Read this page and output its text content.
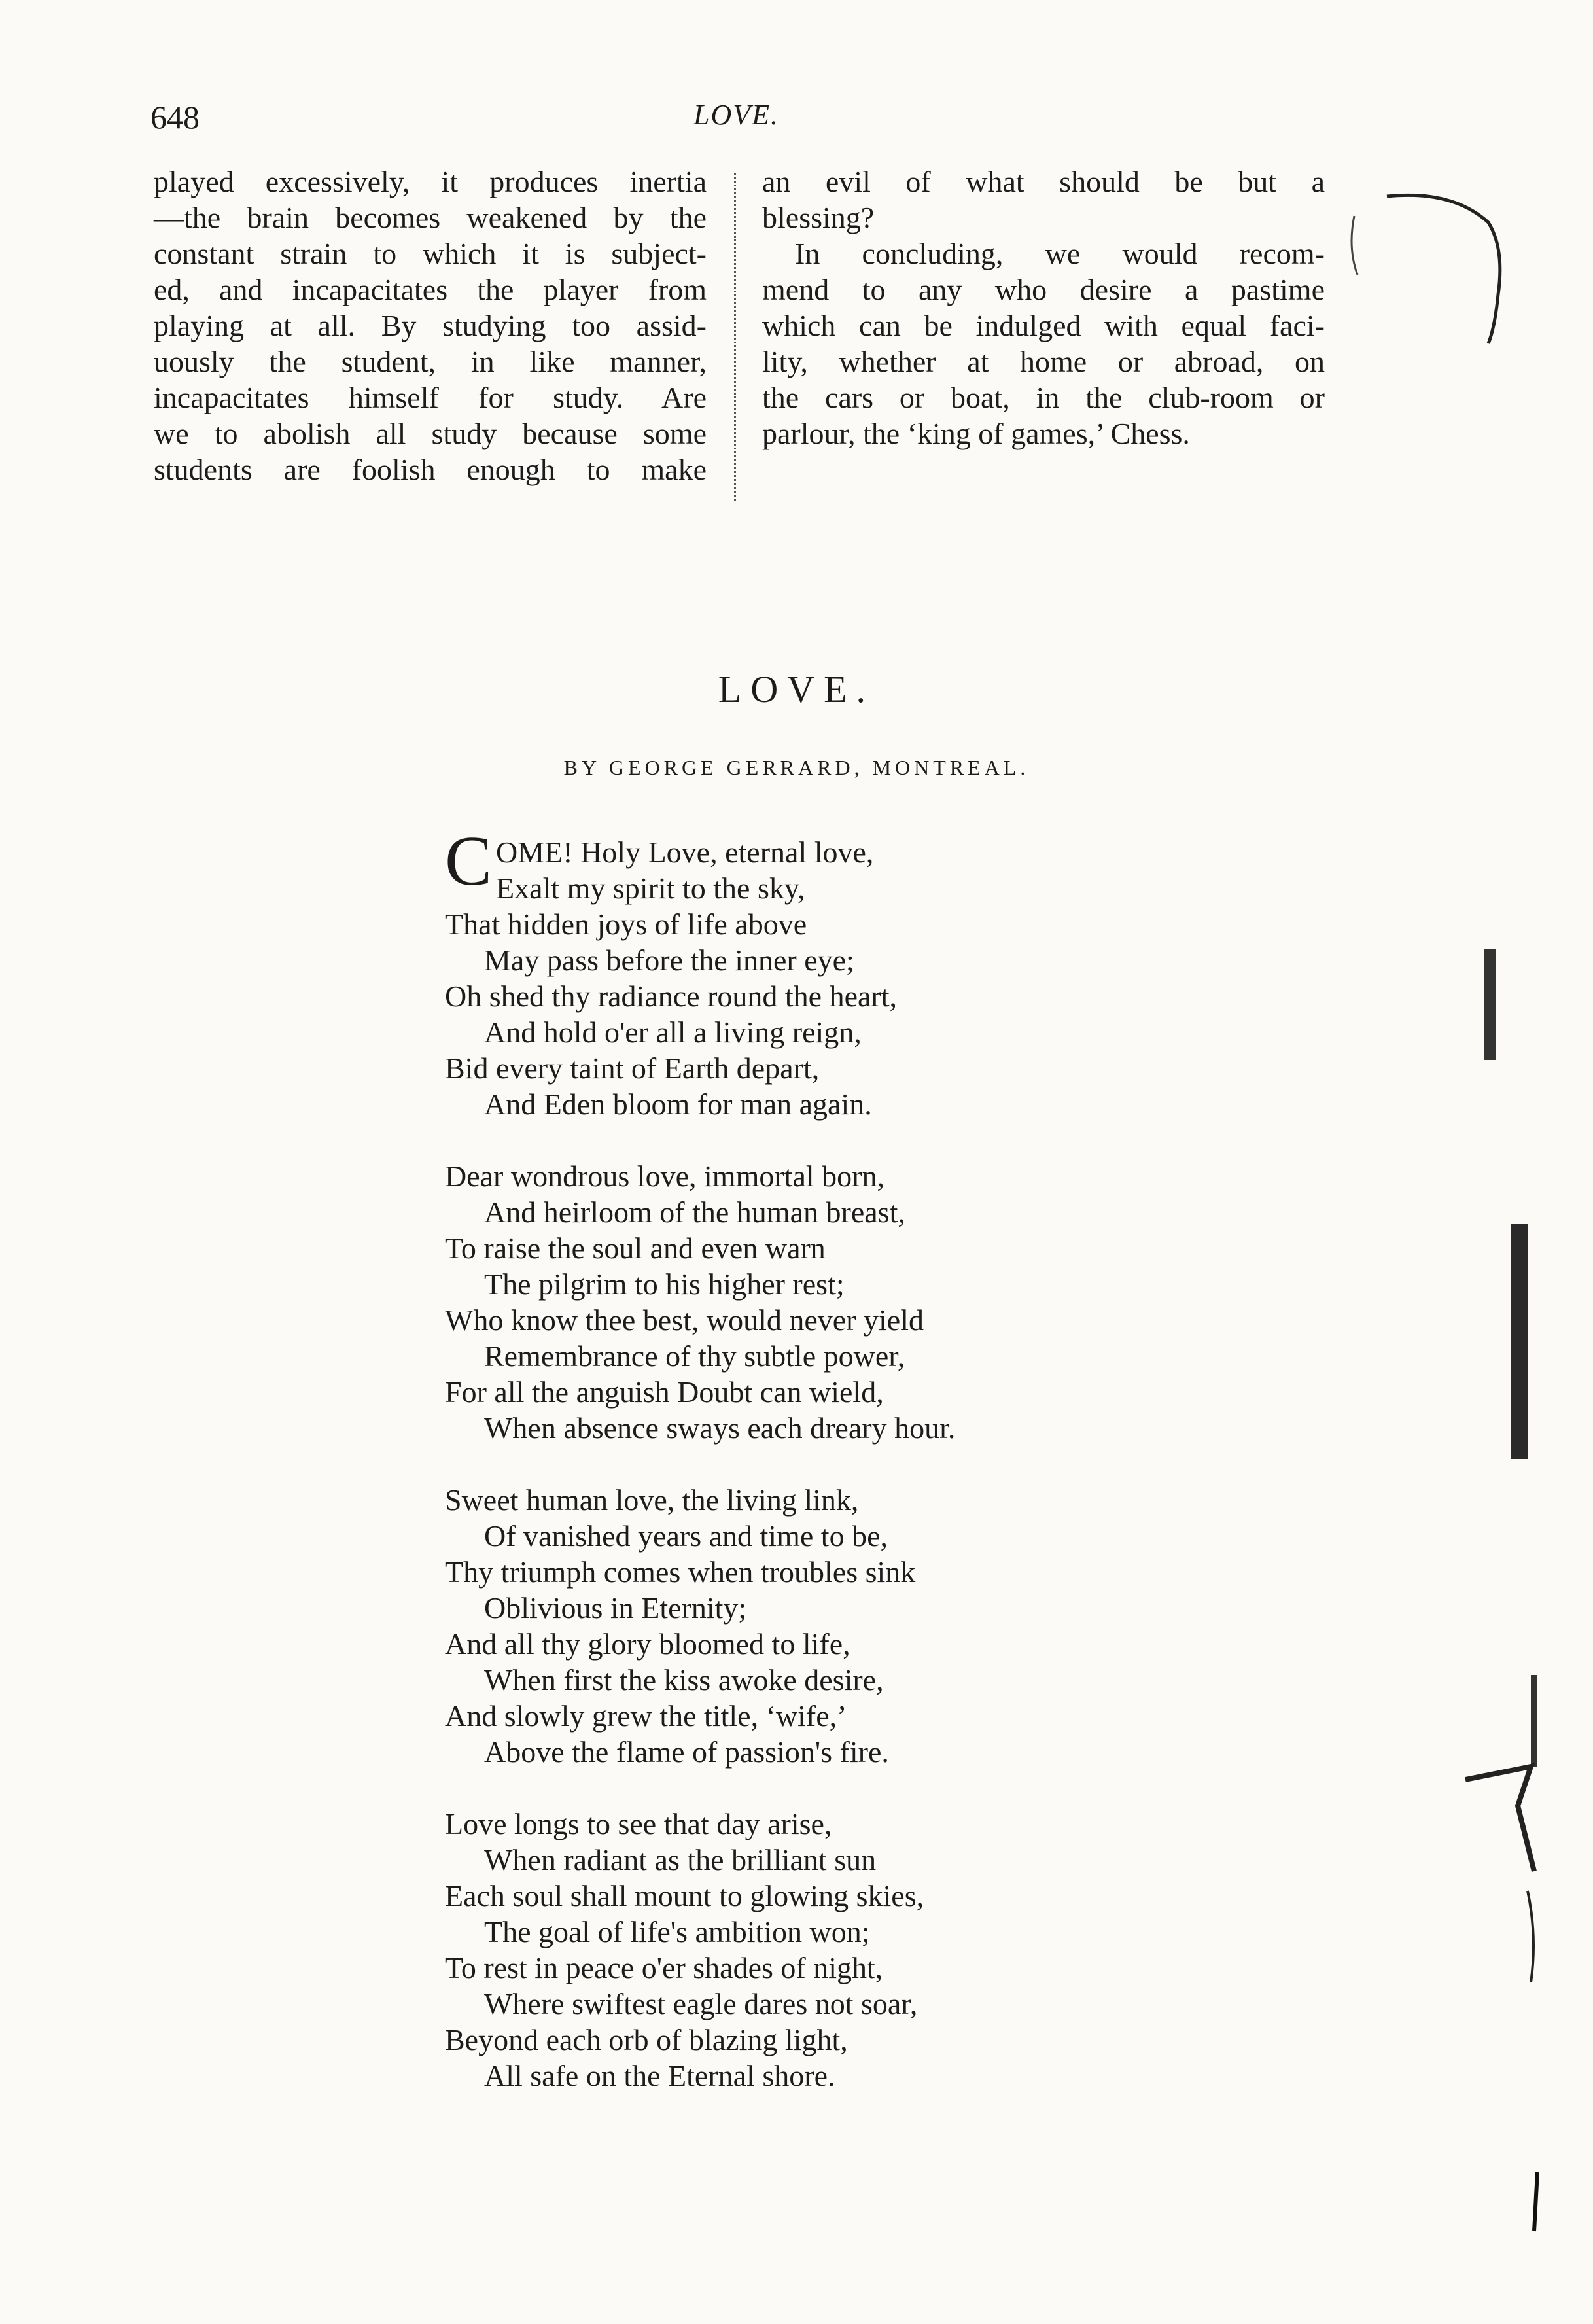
648	LOVE.
played excessively, it produces inertia
—the brain becomes weakened by the
constant strain to which it is subject-
ed, and incapacitates the player from
playing at all. By studying too assid-
uously the student, in like manner,
incapacitates himself for study. Are
we to abolish all study because some
students are foolish enough to make
an evil of what should be but a
blessing?
In concluding, we would recom-
mend to any who desire a pastime
which can be indulged with equal faci-
lity, whether at home or abroad, on
the cars or boat, in the club-room or
parlour, the ‘king of games,’ Chess.
LOVE.
BY GEORGE GERRARD, MONTREAL.
COME! Holy Love, eternal love,
Exalt my spirit to the sky,
That hidden joys of life above
May pass before the inner eye;
Oh shed thy radiance round the heart,
And hold o'er all a living reign,
Bid every taint of Earth depart,
And Eden bloom for man again.
Dear wondrous love, immortal born,
And heirloom of the human breast,
To raise the soul and even warn
The pilgrim to his higher rest;
Who know thee best, would never yield
Remembrance of thy subtle power,
For all the anguish Doubt can wield,
When absence sways each dreary hour.
Sweet human love, the living link,
Of vanished years and time to be,
Thy triumph comes when troubles sink
Oblivious in Eternity;
And all thy glory bloomed to life,
When first the kiss awoke desire,
And slowly grew the title, ‘wife,’
Above the flame of passion's fire.
Love longs to see that day arise,
When radiant as the brilliant sun
Each soul shall mount to glowing skies,
The goal of life's ambition won;
To rest in peace o'er shades of night,
Where swiftest eagle dares not soar,
Beyond each orb of blazing light,
All safe on the Eternal shore.
